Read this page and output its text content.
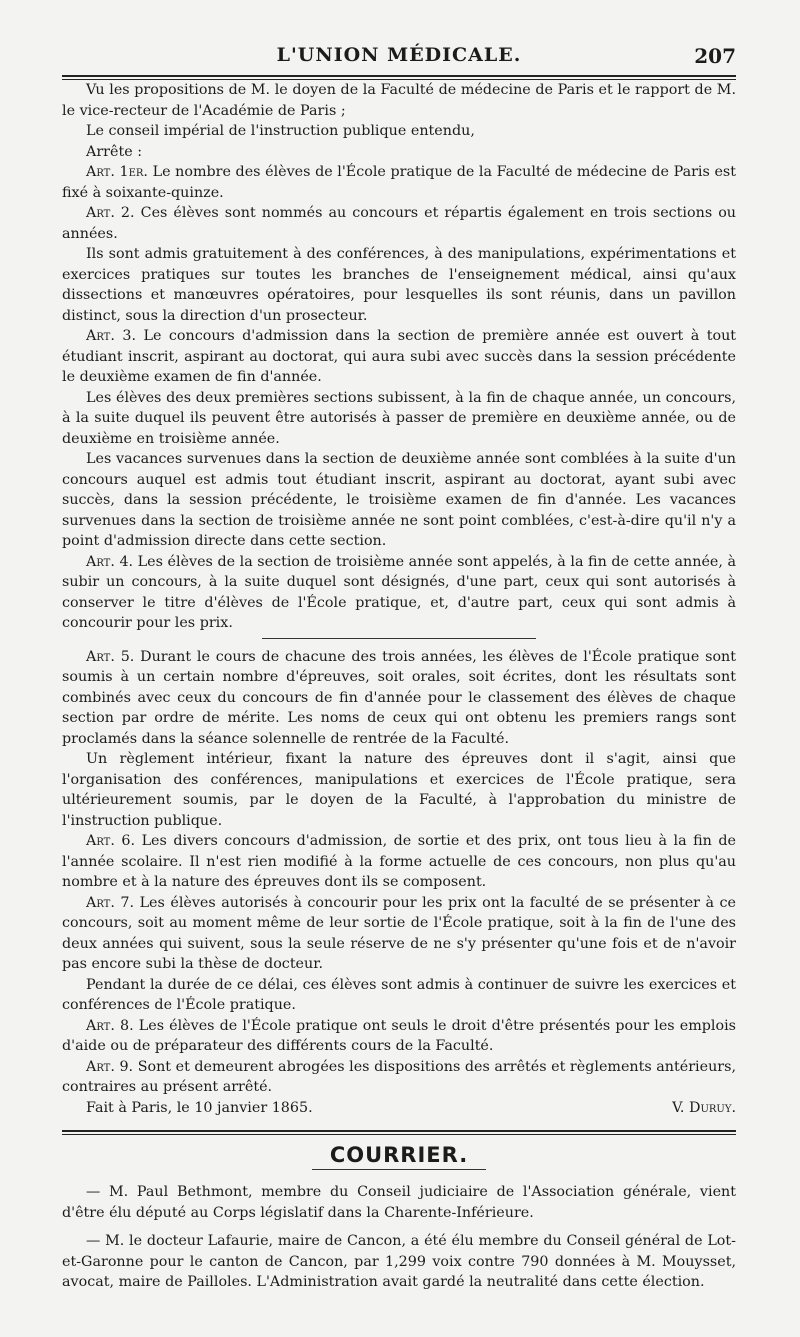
L'UNION MÉDICALE.	207

Vu les propositions de M. le doyen de la Faculté de médecine de Paris et le rapport de M. le vice-recteur de l'Académie de Paris ;

Le conseil impérial de l'instruction publique entendu,

Arrête :

Art. 1er. Le nombre des élèves de l'École pratique de la Faculté de médecine de Paris est fixé à soixante-quinze.

Art. 2. Ces élèves sont nommés au concours et répartis également en trois sections ou années.

Ils sont admis gratuitement à des conférences, à des manipulations, expérimentations et exercices pratiques sur toutes les branches de l'enseignement médical, ainsi qu'aux dissections et manœuvres opératoires, pour lesquelles ils sont réunis, dans un pavillon distinct, sous la direction d'un prosecteur.

Art. 3. Le concours d'admission dans la section de première année est ouvert à tout étudiant inscrit, aspirant au doctorat, qui aura subi avec succès dans la session précédente le deuxième examen de fin d'année.

Les élèves des deux premières sections subissent, à la fin de chaque année, un concours, à la suite duquel ils peuvent être autorisés à passer de première en deuxième année, ou de deuxième en troisième année.

Les vacances survenues dans la section de deuxième année sont comblées à la suite d'un concours auquel est admis tout étudiant inscrit, aspirant au doctorat, ayant subi avec succès, dans la session précédente, le troisième examen de fin d'année. Les vacances survenues dans la section de troisième année ne sont point comblées, c'est-à-dire qu'il n'y a point d'admission directe dans cette section.

Art. 4. Les élèves de la section de troisième année sont appelés, à la fin de cette année, à subir un concours, à la suite duquel sont désignés, d'une part, ceux qui sont autorisés à conserver le titre d'élèves de l'École pratique, et, d'autre part, ceux qui sont admis à concourir pour les prix.

Art. 5. Durant le cours de chacune des trois années, les élèves de l'École pratique sont soumis à un certain nombre d'épreuves, soit orales, soit écrites, dont les résultats sont combinés avec ceux du concours de fin d'année pour le classement des élèves de chaque section par ordre de mérite. Les noms de ceux qui ont obtenu les premiers rangs sont proclamés dans la séance solennelle de rentrée de la Faculté.

Un règlement intérieur, fixant la nature des épreuves dont il s'agit, ainsi que l'organisation des conférences, manipulations et exercices de l'École pratique, sera ultérieurement soumis, par le doyen de la Faculté, à l'approbation du ministre de l'instruction publique.

Art. 6. Les divers concours d'admission, de sortie et des prix, ont tous lieu à la fin de l'année scolaire. Il n'est rien modifié à la forme actuelle de ces concours, non plus qu'au nombre et à la nature des épreuves dont ils se composent.

Art. 7. Les élèves autorisés à concourir pour les prix ont la faculté de se présenter à ce concours, soit au moment même de leur sortie de l'École pratique, soit à la fin de l'une des deux années qui suivent, sous la seule réserve de ne s'y présenter qu'une fois et de n'avoir pas encore subi la thèse de docteur.

Pendant la durée de ce délai, ces élèves sont admis à continuer de suivre les exercices et conférences de l'École pratique.

Art. 8. Les élèves de l'École pratique ont seuls le droit d'être présentés pour les emplois d'aide ou de préparateur des différents cours de la Faculté.

Art. 9. Sont et demeurent abrogées les dispositions des arrêtés et règlements antérieurs, contraires au présent arrêté.

Fait à Paris, le 10 janvier 1865.	V. Duruy.

COURRIER.

— M. Paul Bethmont, membre du Conseil judiciaire de l'Association générale, vient d'être élu député au Corps législatif dans la Charente-Inférieure.

— M. le docteur Lafaurie, maire de Cancon, a été élu membre du Conseil général de Lot-et-Garonne pour le canton de Cancon, par 1,299 voix contre 790 données à M. Mouysset, avocat, maire de Pailloles. L'Administration avait gardé la neutralité dans cette élection.
